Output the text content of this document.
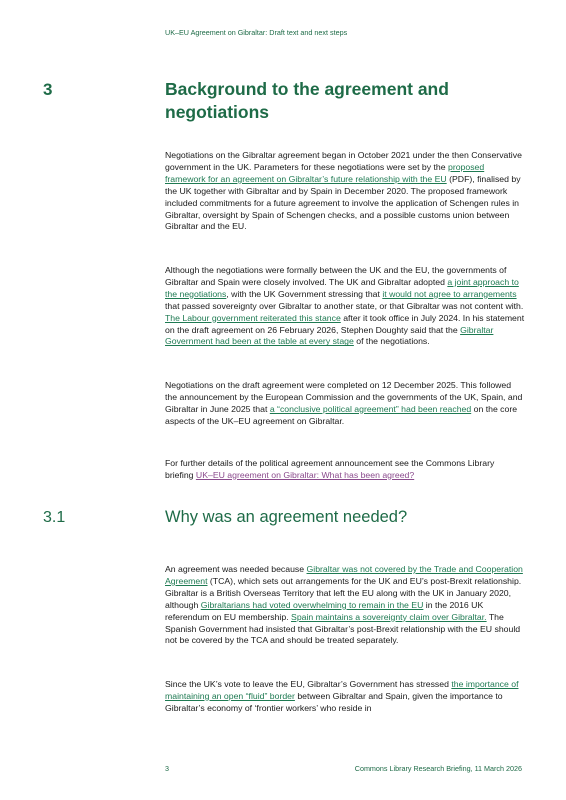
UK–EU Agreement on Gibraltar: Draft text and next steps
3	Background to the agreement and negotiations

Negotiations on the Gibraltar agreement began in October 2021 under the then Conservative government in the UK. Parameters for these negotiations were set by the proposed framework for an agreement on Gibraltar’s future relationship with the EU (PDF), finalised by the UK together with Gibraltar and by Spain in December 2020. The proposed framework included commitments for a future agreement to involve the application of Schengen rules in Gibraltar, oversight by Spain of Schengen checks, and a possible customs union between Gibraltar and the EU.

Although the negotiations were formally between the UK and the EU, the governments of Gibraltar and Spain were closely involved. The UK and Gibraltar adopted a joint approach to the negotiations, with the UK Government stressing that it would not agree to arrangements that passed sovereignty over Gibraltar to another state, or that Gibraltar was not content with. The Labour government reiterated this stance after it took office in July 2024. In his statement on the draft agreement on 26 February 2026, Stephen Doughty said that the Gibraltar Government had been at the table at every stage of the negotiations.

Negotiations on the draft agreement were completed on 12 December 2025. This followed the announcement by the European Commission and the governments of the UK, Spain, and Gibraltar in June 2025 that a “conclusive political agreement” had been reached on the core aspects of the UK–EU agreement on Gibraltar.

For further details of the political agreement announcement see the Commons Library briefing UK–EU agreement on Gibraltar: What has been agreed?

3.1	Why was an agreement needed?

An agreement was needed because Gibraltar was not covered by the Trade and Cooperation Agreement (TCA), which sets out arrangements for the UK and EU’s post-Brexit relationship. Gibraltar is a British Overseas Territory that left the EU along with the UK in January 2020, although Gibraltarians had voted overwhelming to remain in the EU in the 2016 UK referendum on EU membership. Spain maintains a sovereignty claim over Gibraltar. The Spanish Government had insisted that Gibraltar’s post-Brexit relationship with the EU should not be covered by the TCA and should be treated separately.

Since the UK’s vote to leave the EU, Gibraltar’s Government has stressed the importance of maintaining an open “fluid” border between Gibraltar and Spain, given the importance to Gibraltar’s economy of ‘frontier workers’ who reside in

3	Commons Library Research Briefing, 11 March 2026
